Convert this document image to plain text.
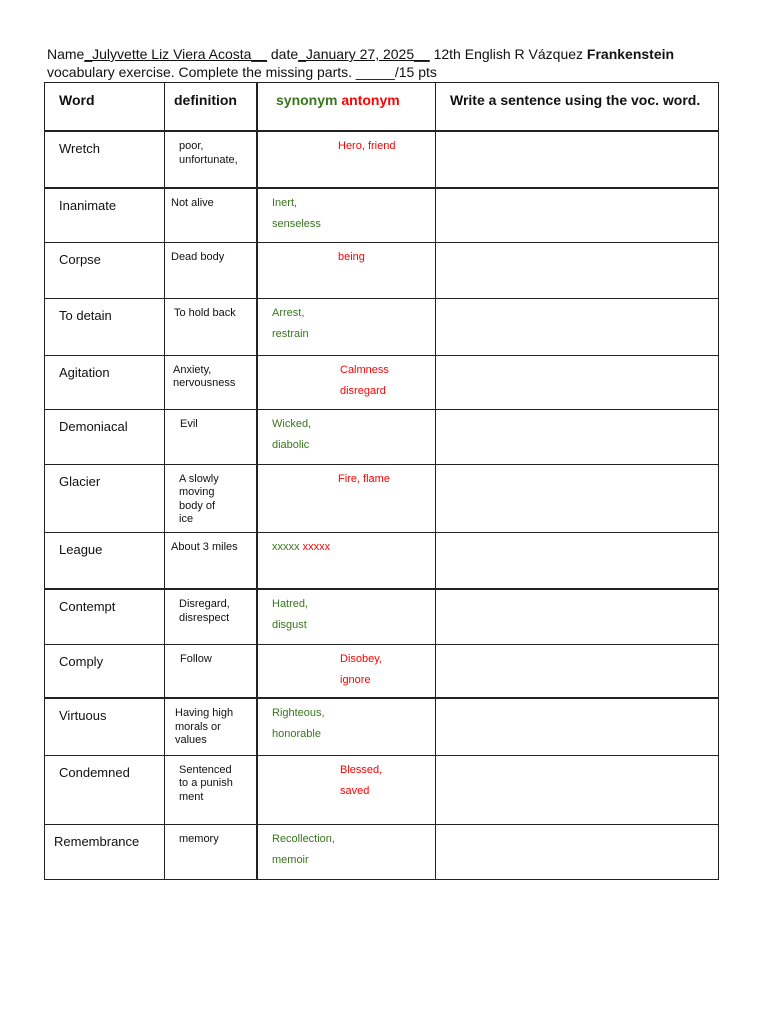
Name_Julyvette Liz Viera Acosta__ date_January 27, 2025__ 12th English R Vázquez Frankenstein
vocabulary exercise. Complete the missing parts. _____/15 pts
Word	definition	synonym antonym	Write a sentence using the voc. word.
Wretch	poor, unfortunate,	Hero, friend	
Inanimate	Not alive	Inert, senseless	

Corpse	Dead body	being	
To detain	To hold back	Arrest, restrain	

Agitation	Anxiety, nervousness	Calmness disregard	

Demoniacal	Evil	Wicked, diabolic	

Glacier	A slowly moving body of ice	Fire, flame	
League	About 3 miles	xxxxx xxxxx	
Contempt	Disregard, disrespect	Hatred, disgust	

Comply	Follow	Disobey, ignore	

Virtuous	Having high morals or values	Righteous, honorable	

Condemned	Sentenced to a punishment	Blessed, saved	

Remembrance	memory	Recollection, memoir	
